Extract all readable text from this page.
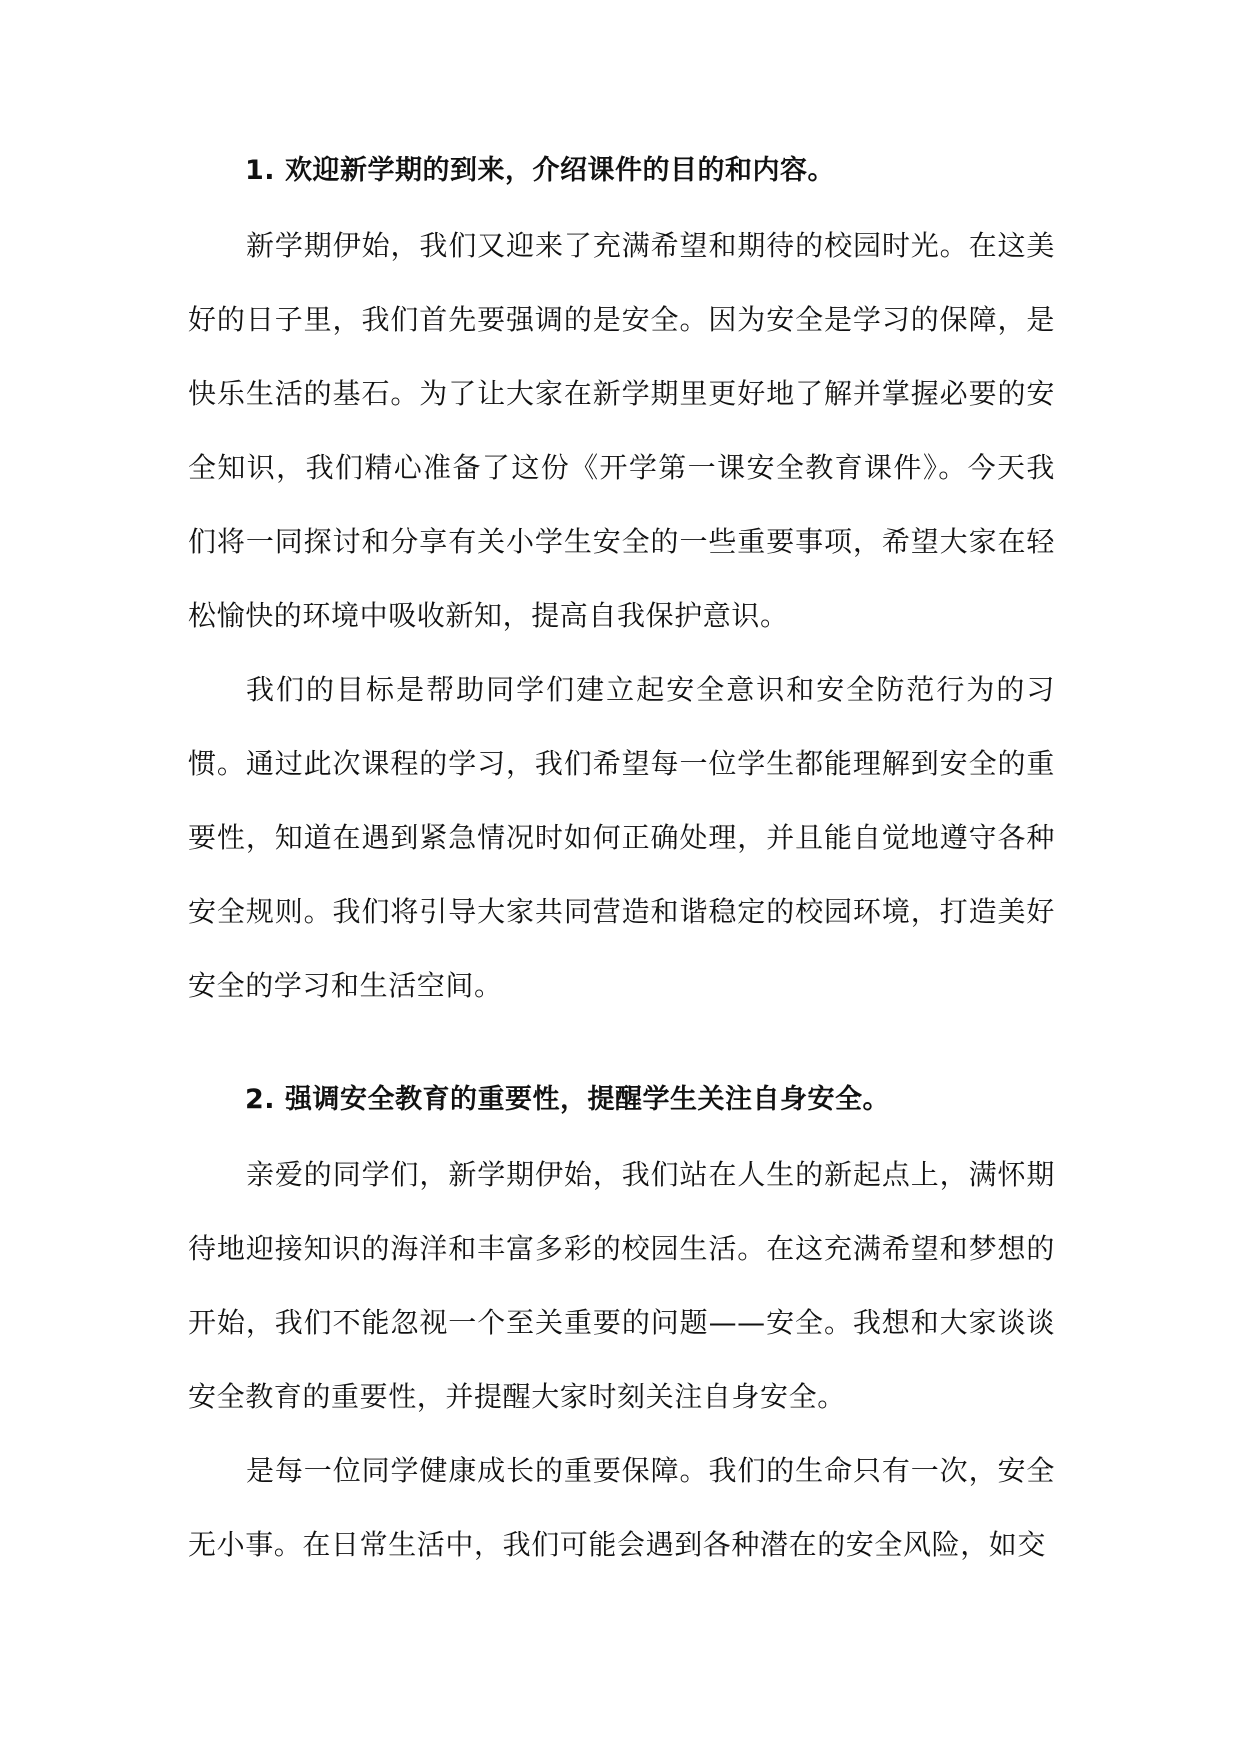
1. 欢迎新学期的到来，介绍课件的目的和内容。

新学期伊始，我们又迎来了充满希望和期待的校园时光。在这美好的日子里，我们首先要强调的是安全。因为安全是学习的保障，是快乐生活的基石。为了让大家在新学期里更好地了解并掌握必要的安全知识，我们精心准备了这份《开学第一课安全教育课件》。今天我们将一同探讨和分享有关小学生安全的一些重要事项，希望大家在轻松愉快的环境中吸收新知，提高自我保护意识。

我们的目标是帮助同学们建立起安全意识和安全防范行为的习惯。通过此次课程的学习，我们希望每一位学生都能理解到安全的重要性，知道在遇到紧急情况时如何正确处理，并且能自觉地遵守各种安全规则。我们将引导大家共同营造和谐稳定的校园环境，打造美好安全的学习和生活空间。

2. 强调安全教育的重要性，提醒学生关注自身安全。

亲爱的同学们，新学期伊始，我们站在人生的新起点上，满怀期待地迎接知识的海洋和丰富多彩的校园生活。在这充满希望和梦想的开始，我们不能忽视一个至关重要的问题——安全。我想和大家谈谈安全教育的重要性，并提醒大家时刻关注自身安全。

是每一位同学健康成长的重要保障。我们的生命只有一次，安全无小事。在日常生活中，我们可能会遇到各种潜在的安全风险，如交
